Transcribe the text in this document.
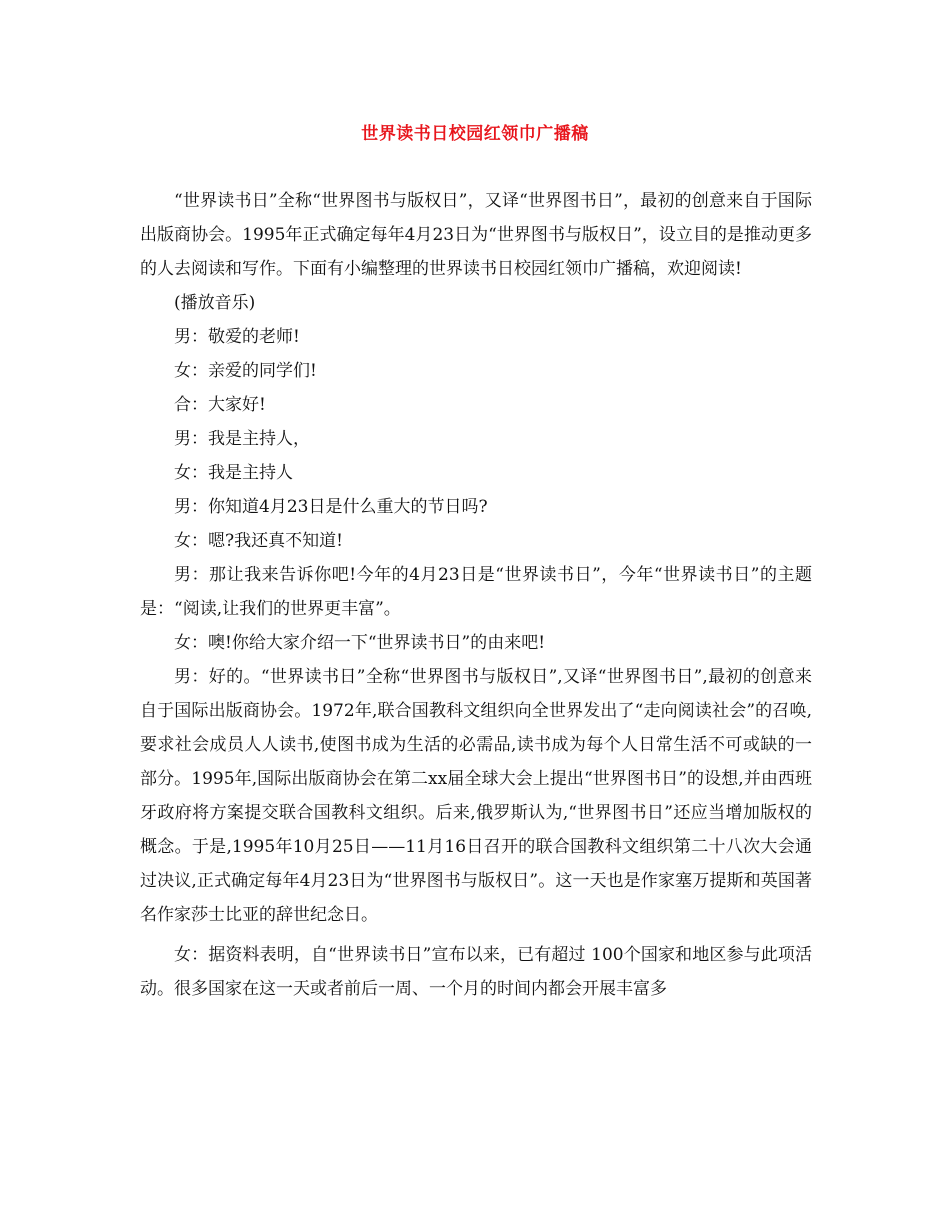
世界读书日校园红领巾广播稿

“世界读书日”全称“世界图书与版权日”，又译“世界图书日”，最初的创意来自于国际出版商协会。1995年正式确定每年4月23日为“世界图书与版权日”，设立目的是推动更多的人去阅读和写作。下面有小编整理的世界读书日校园红领巾广播稿，欢迎阅读!

(播放音乐)

男：敬爱的老师!

女：亲爱的同学们!

合：大家好!

男：我是主持人，

女：我是主持人

男：你知道4月23日是什么重大的节日吗?

女：嗯?我还真不知道!

男：那让我来告诉你吧!今年的4月23日是“世界读书日”，今年“世界读书日”的主题是：“阅读,让我们的世界更丰富”。

女：噢!你给大家介绍一下“世界读书日”的由来吧!

男：好的。“世界读书日”全称“世界图书与版权日”,又译“世界图书日”,最初的创意来自于国际出版商协会。1972年,联合国教科文组织向全世界发出了“走向阅读社会”的召唤,要求社会成员人人读书,使图书成为生活的必需品,读书成为每个人日常生活不可或缺的一部分。1995年,国际出版商协会在第二xx届全球大会上提出“世界图书日”的设想,并由西班牙政府将方案提交联合国教科文组织。后来,俄罗斯认为,“世界图书日”还应当增加版权的概念。于是,1995年10月25日——11月16日召开的联合国教科文组织第二十八次大会通过决议,正式确定每年4月23日为“世界图书与版权日”。这一天也是作家塞万提斯和英国著名作家莎士比亚的辞世纪念日。

女：据资料表明，自“世界读书日”宣布以来，已有超过 100个国家和地区参与此项活动。很多国家在这一天或者前后一周、一个月的时间内都会开展丰富多
